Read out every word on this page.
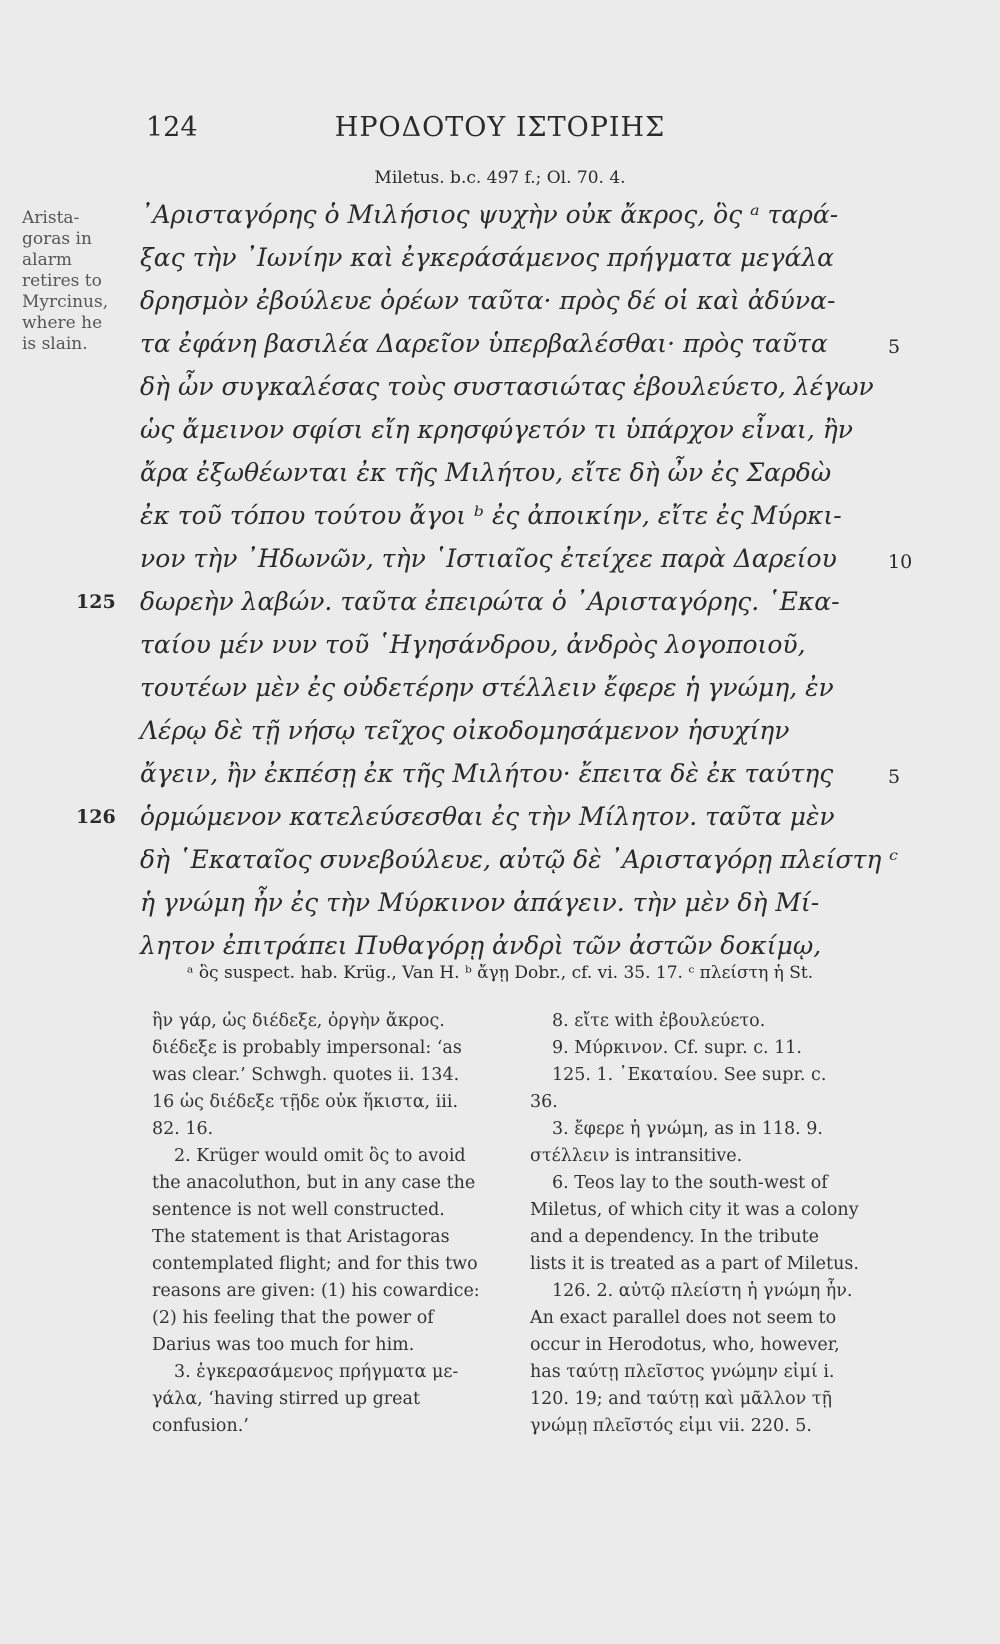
124	ΗΡΟΔΟΤΟΥ ΙΣΤΟΡΙΗΣ
Miletus. b.c. 497 f.; Ol. 70. 4.
Arista-
goras in
alarm
retires to
Myrcinus,
where he
is slain.
᾿Αρισταγόρης ὁ Μιλήσιος ψυχὴν οὐκ ἄκρος, ὃς ᵃ ταρά-
ξας τὴν ᾿Ιωνίην καὶ ἐγκεράσάμενος πρήγματα μεγάλα
δρησμὸν ἐβούλευε ὁρέων ταῦτα· πρὸς δέ οἱ καὶ ἀδύνα-
τα ἐφάνη βασιλέα Δαρεῖον ὑπερβαλέσθαι· πρὸς ταῦτα
δὴ ὦν συγκαλέσας τοὺς συστασιώτας ἐβουλεύετο, λέγων
ὡς ἄμεινον σφίσι εἴη κρησφύγετόν τι ὑπάρχον εἶναι, ἢν
ἄρα ἐξωθέωνται ἐκ τῆς Μιλήτου, εἴτε δὴ ὦν ἐς Σαρδὼ
ἐκ τοῦ τόπου τούτου ἄγοι ᵇ ἐς ἀποικίην, εἴτε ἐς Μύρκι-
νον τὴν ᾿Ηδωνῶν, τὴν ῾Ιστιαῖος ἐτείχεε παρὰ Δαρείου
δωρεὴν λαβών. ταῦτα ἐπειρώτα ὁ ᾿Αρισταγόρης. ῾Εκα-
ταίου μέν νυν τοῦ ῾Ηγησάνδρου, ἀνδρὸς λογοποιοῦ,
τουτέων μὲν ἐς οὐδετέρην στέλλειν ἔφερε ἡ γνώμη, ἐν
Λέρῳ δὲ τῇ νήσῳ τεῖχος οἰκοδομησάμενον ἡσυχίην
ἄγειν, ἢν ἐκπέσῃ ἐκ τῆς Μιλήτου· ἔπειτα δὲ ἐκ ταύτης
ὁρμώμενον κατελεύσεσθαι ἐς τὴν Μίλητον. ταῦτα μὲν
δὴ ῾Εκαταῖος συνεβούλευε, αὐτῷ δὲ ᾿Αρισταγόρῃ πλείστη ᶜ
ἡ γνώμη ἦν ἐς τὴν Μύρκινον ἀπάγειν. τὴν μὲν δὴ Μί-
λητον ἐπιτράπει Πυθαγόρῃ ἀνδρὶ τῶν ἀστῶν δοκίμῳ,
5
10
5
125
126
ᵃ ὃς suspect. hab. Krüg., Van H. ᵇ ἄγῃ Dobr., cf. vi. 35. 17. ᶜ πλείστη ἡ St.
ἢν γάρ, ὡς διέδεξε, ὀργὴν ἄκρος.
διέδεξε is probably impersonal: ‘as
was clear.’ Schwgh. quotes ii. 134.
16 ὡς διέδεξε τῇδε οὐκ ἥκιστα, iii.
82. 16.
2. Krüger would omit ὃς to avoid
the anacoluthon, but in any case the
sentence is not well constructed.
The statement is that Aristagoras
contemplated flight; and for this two
reasons are given: (1) his cowardice:
(2) his feeling that the power of
Darius was too much for him.
3. ἐγκερασάμενος πρήγματα με-
γάλα, ‘having stirred up great
confusion.’
8. εἴτε with ἐβουλεύετο.
9. Μύρκινον. Cf. supr. c. 11.
125. 1. ῾Εκαταίου. See supr. c.
36.
3. ἔφερε ἡ γνώμη, as in 118. 9.
στέλλειν is intransitive.
6. Teos lay to the south-west of
Miletus, of which city it was a colony
and a dependency. In the tribute
lists it is treated as a part of Miletus.
126. 2. αὐτῷ πλείστη ἡ γνώμη ἦν.
An exact parallel does not seem to
occur in Herodotus, who, however,
has ταύτῃ πλεῖστος γνώμην εἰμί i.
120. 19; and ταύτῃ καὶ μᾶλλον τῇ
γνώμῃ πλεῖστός εἰμι vii. 220. 5.
